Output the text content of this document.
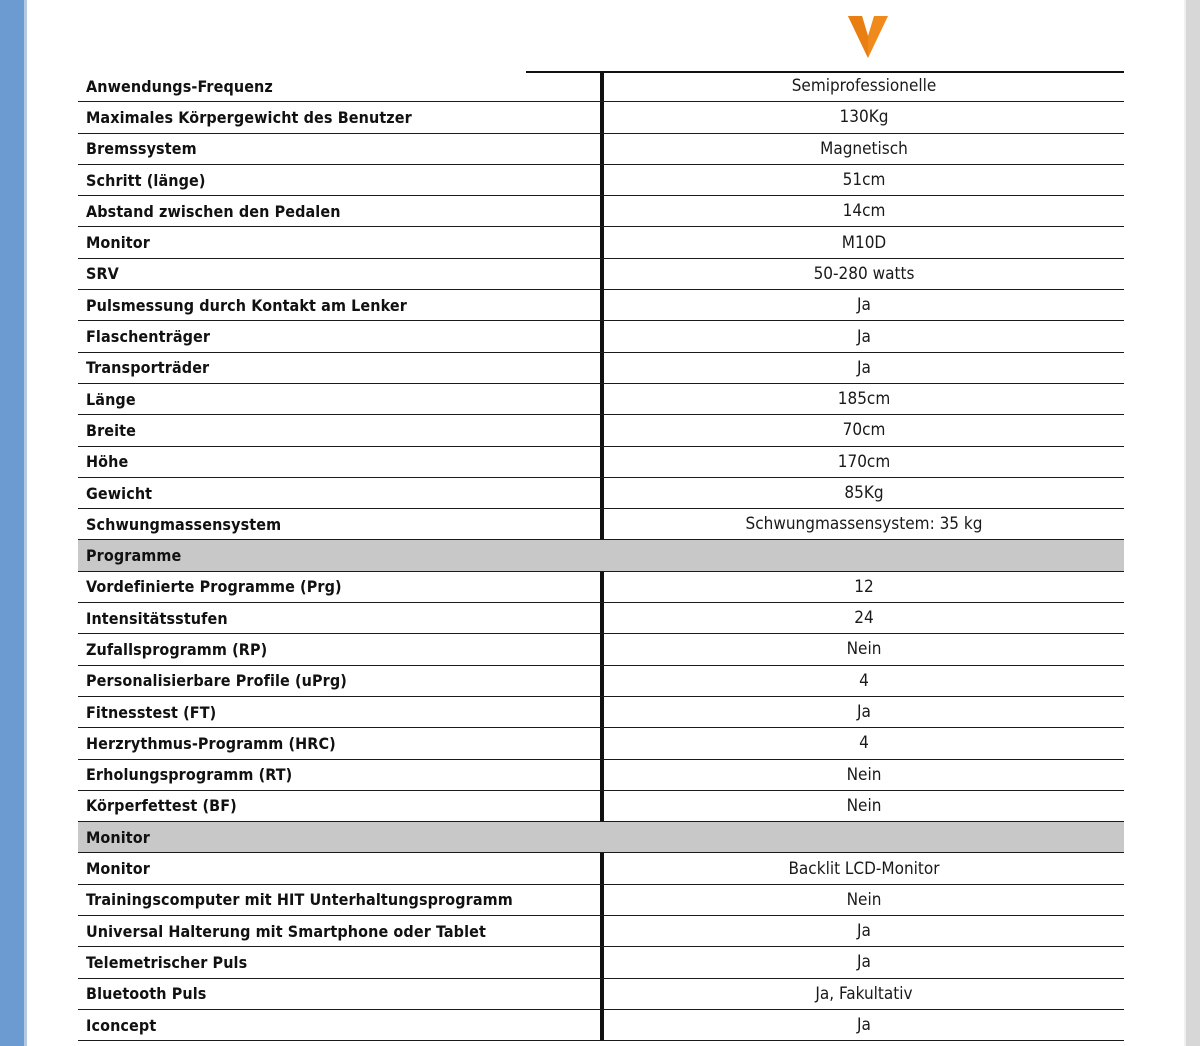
Anwendungs-Frequenz	Semiprofessionelle
Maximales Körpergewicht des Benutzer	130Kg
Bremssystem	Magnetisch
Schritt (länge)	51cm
Abstand zwischen den Pedalen	14cm
Monitor	M10D
SRV	50-280 watts
Pulsmessung durch Kontakt am Lenker	Ja
Flaschenträger	Ja
Transporträder	Ja
Länge	185cm
Breite	70cm
Höhe	170cm
Gewicht	85Kg
Schwungmassensystem	Schwungmassensystem: 35 kg
Programme
Vordefinierte Programme (Prg)	12
Intensitätsstufen	24
Zufallsprogramm (RP)	Nein
Personalisierbare Profile (uPrg)	4
Fitnesstest (FT)	Ja
Herzrythmus-Programm (HRC)	4
Erholungsprogramm (RT)	Nein
Körperfettest (BF)	Nein
Monitor
Monitor	Backlit LCD-Monitor
Trainingscomputer mit HIT Unterhaltungsprogramm	Nein
Universal Halterung mit Smartphone oder Tablet	Ja
Telemetrischer Puls	Ja
Bluetooth Puls	Ja, Fakultativ
Iconcept	Ja
